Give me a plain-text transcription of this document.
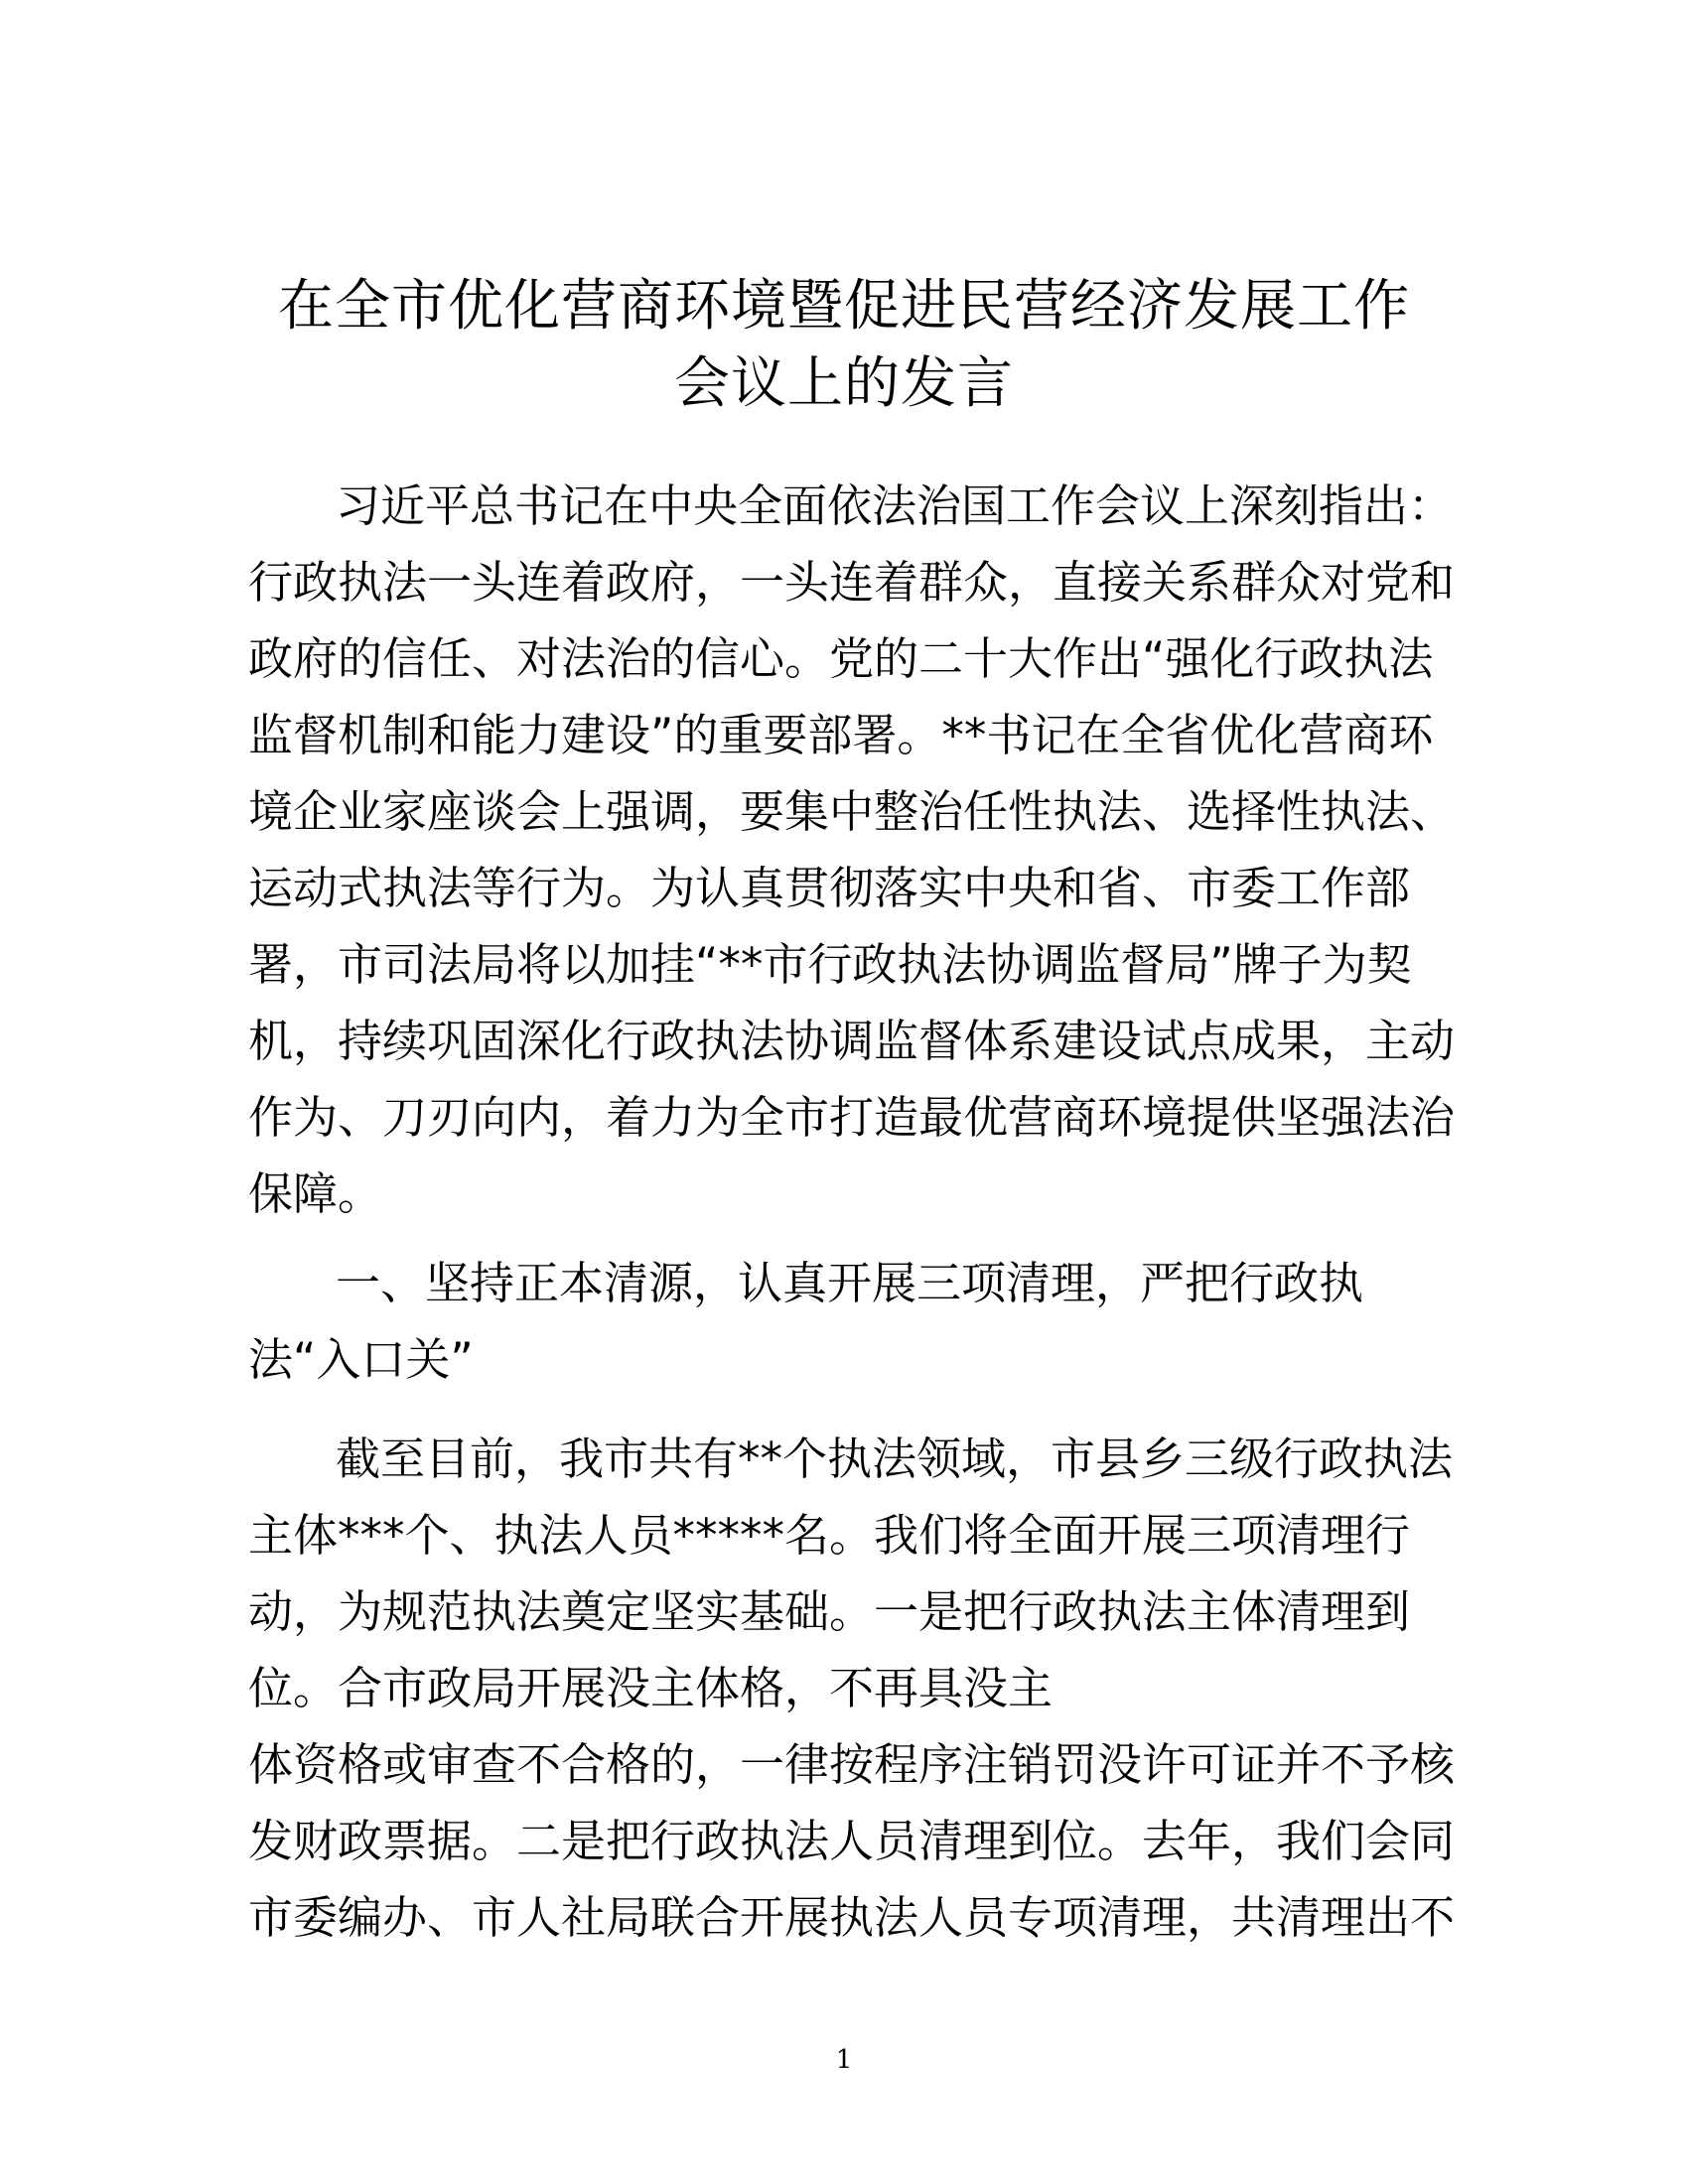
在全市优化营商环境暨促进民营经济发展工作
会议上的发言

习近平总书记在中央全面依法治国工作会议上深刻指出：

行政执法一头连着政府，一头连着群众，直接关系群众对党和

政府的信任、对法治的信心。党的二十大作出“强化行政执法

监督机制和能力建设”的重要部署。**书记在全省优化营商环

境企业家座谈会上强调，要集中整治任性执法、选择性执法、

运动式执法等行为。为认真贯彻落实中央和省、市委工作部

署，市司法局将以加挂“**市行政执法协调监督局”牌子为契

机，持续巩固深化行政执法协调监督体系建设试点成果，主动

作为、刀刃向内，着力为全市打造最优营商环境提供坚强法治

保障。

一、坚持正本清源，认真开展三项清理，严把行政执

法“入口关”

截至目前，我市共有**个执法领域，市县乡三级行政执法

主体***个、执法人员*****名。我们将全面开展三项清理行

动，为规范执法奠定坚实基础。一是把行政执法主体清理到

位。合市政局开展没主体格，不再具没主

体资格或审查不合格的，一律按程序注销罚没许可证并不予核

发财政票据。二是把行政执法人员清理到位。去年，我们会同

市委编办、市人社局联合开展执法人员专项清理，共清理出不

1
